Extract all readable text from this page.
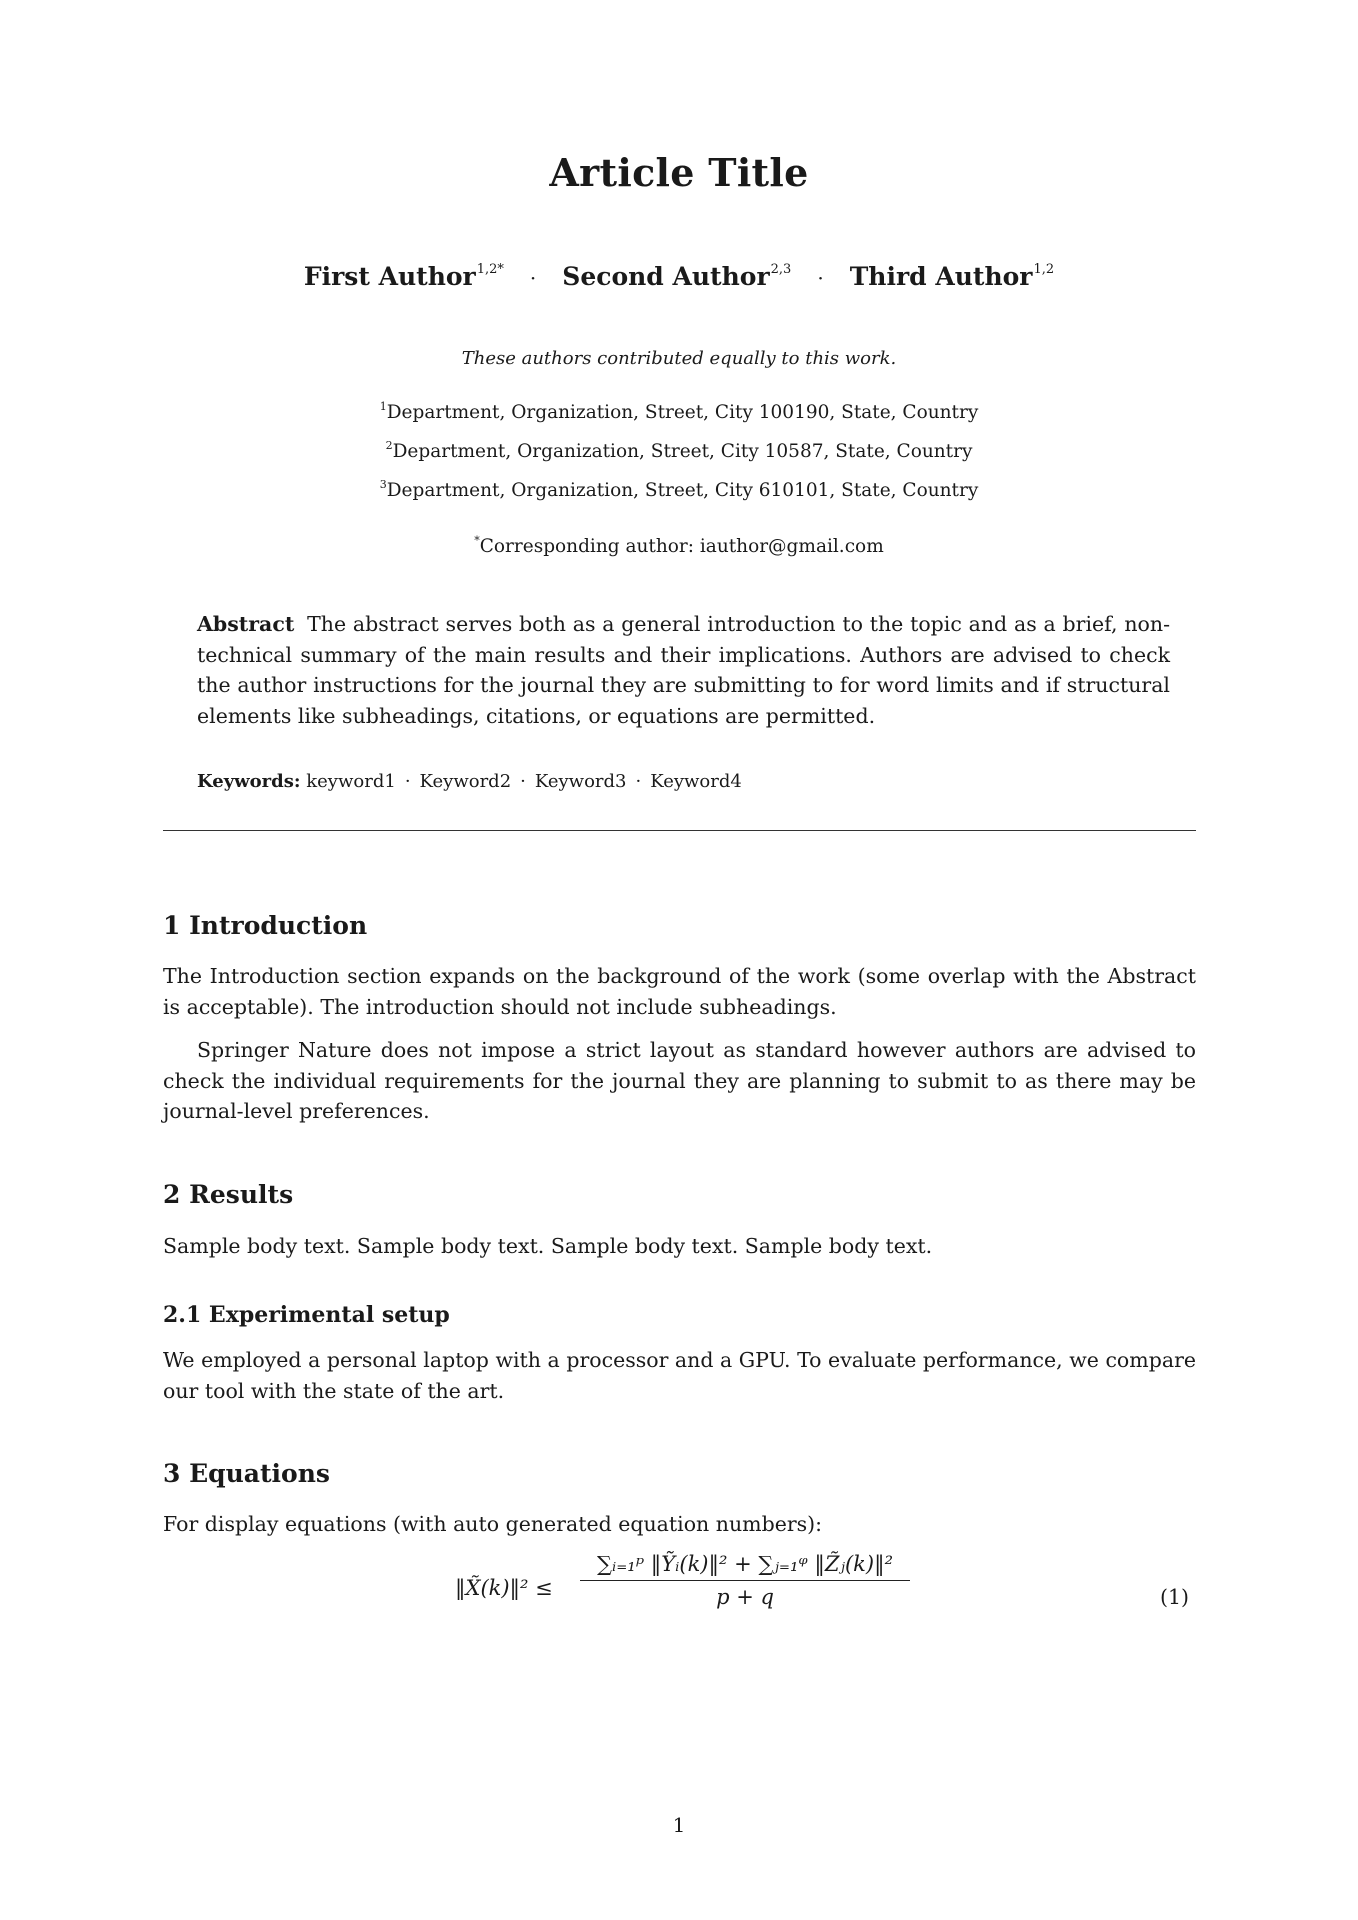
Article Title
First Author$^{1,2*}$ · Second Author$^{2,3}$ · Third Author$^{1,2}$
These authors contributed equally to this work.
$^1$Department, Organization, Street, City 100190, State, Country
$^2$Department, Organization, Street, City 10587, State, Country
$^3$Department, Organization, Street, City 610101, State, Country
*Corresponding author: iauthor@gmail.com
Abstract The abstract serves both as a general introduction to the topic and as a brief, non-technical summary of the main results and their implications. Authors are advised to check the author instructions for the journal they are submitting to for word limits and if structural elements like subheadings, citations, or equations are permitted.
Keywords: keyword1 · Keyword2 · Keyword3 · Keyword4
1 Introduction
The Introduction section expands on the background of the work (some overlap with the Abstract is acceptable). The introduction should not include subheadings.
Springer Nature does not impose a strict layout as standard however authors are advised to check the individual requirements for the journal they are planning to submit to as there may be journal-level preferences.
2 Results
Sample body text. Sample body text. Sample body text. Sample body text.
2.1 Experimental setup
We employed a personal laptop with a processor and a GPU. To evaluate performance, we compare our tool with the state of the art.
3 Equations
For display equations (with auto generated equation numbers):
‖X̃(k)‖² ≤ $\frac{\text{∑ᵢ₌₁ᵖ ‖Ỹᵢ(k)‖² + ∑ⱼ₌₁ᵠ ‖Z̃ⱼ(k)‖²}}{p + q}$	(1)
1
